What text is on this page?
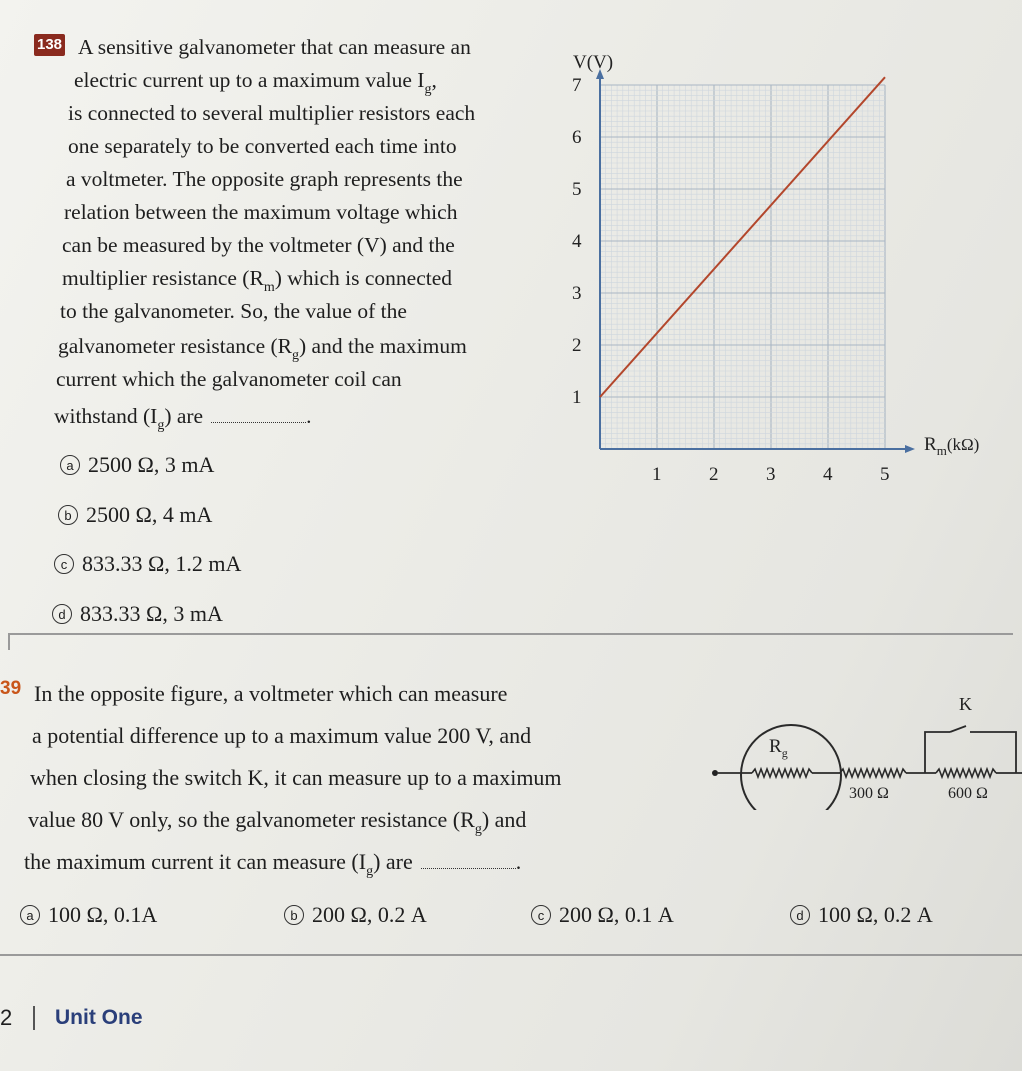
138 A sensitive galvanometer that can measure an
electric current up to a maximum value $I_g$,
is connected to several multiplier resistors each
one separately to be converted each time into
a voltmeter. The opposite graph represents the
relation between the maximum voltage which
can be measured by the voltmeter (V) and the
multiplier resistance $(R_m)$ which is connected
to the galvanometer. So, the value of the
galvanometer resistance $(R_g)$ and the maximum
current which the galvanometer coil can
withstand $(I_g)$ are	.
a 2500 Ω, 3 mA
b 2500 Ω, 4 mA
c 833.33 Ω, 1.2 mA
d 833.33 Ω, 3 mA
1	2	3	4	5
1
2
3
4
5
6
7
V(V)
$R_m(k\Omega)$
39 In the opposite figure, a voltmeter which can measure
a potential difference up to a maximum value 200 V, and
when closing the switch K, it can measure up to a maximum
value 80 V only, so the galvanometer resistance $(R_g)$ and
the maximum current it can measure $(I_g)$ are	.
$R_g$
300 Ω	600 Ω
K
a 100 Ω, 0.1A	b 200 Ω, 0.2 A	c 200 Ω, 0.1 A	d 100 Ω, 0.2 A
2 Unit One
